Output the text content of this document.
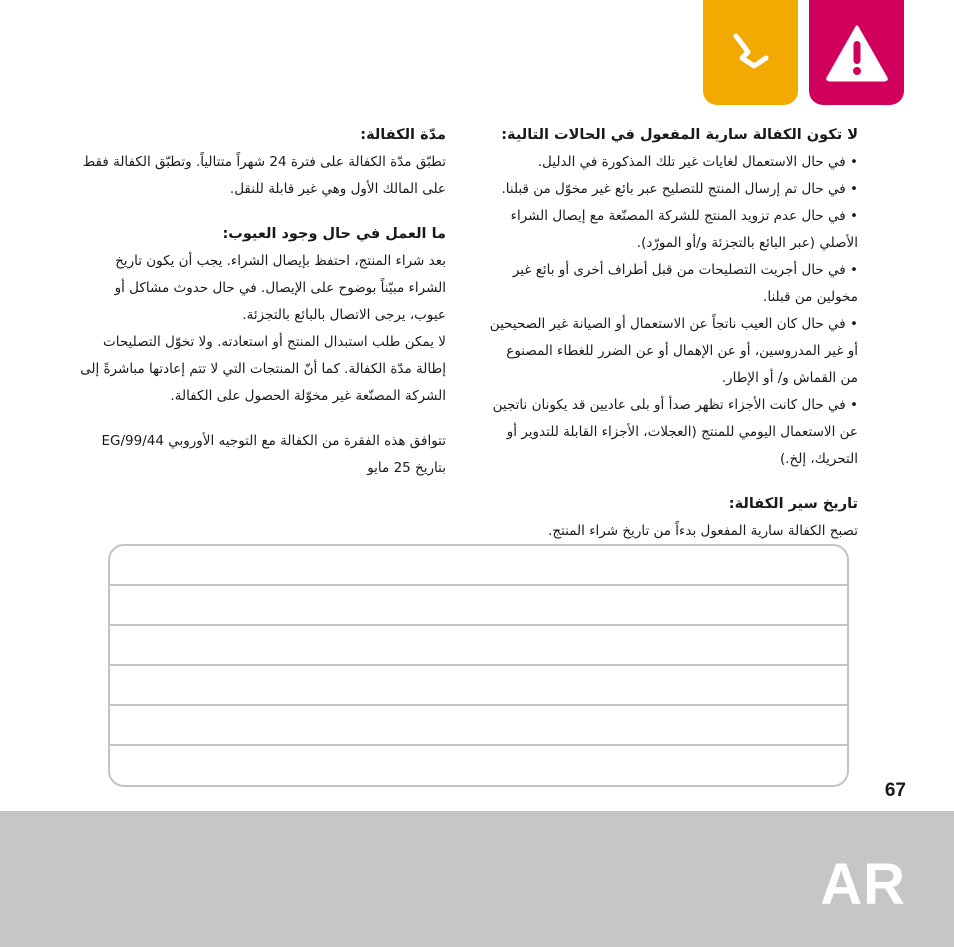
لا تكون الكفالة سارية المفعول في الحالات التالية:

• في حال الاستعمال لغايات غير تلك المذكورة في الدليل.
• في حال تم إرسال المنتج للتصليح عبر بائع غير مخوّل من قبلنا.
• في حال عدم تزويد المنتج للشركة المصنّعة مع إيصال الشراء الأصلي (عبر البائع بالتجزئة و/أو المورّد).
• في حال أجريت التصليحات من قبل أطراف أخرى أو بائع غير مخولين من قبلنا.
• في حال كان العيب ناتجاً عن الاستعمال أو الصيانة غير الصحيحين أو غير المدروسين، أو عن الإهمال أو عن الضرر للغطاء المصنوع من القماش و/ أو الإطار.
• في حال كانت الأجزاء تظهر صدأ أو بلى عاديين قد يكونان ناتجين عن الاستعمال اليومي للمنتج (العجلات، الأجزاء القابلة للتدوير أو التحريك، إلخ.)

تاريخ سير الكفالة:

تصبح الكفالة سارية المفعول بدءاً من تاريخ شراء المنتج.

مدّة الكفالة:

تطبّق مدّة الكفالة على فترة 24 شهراً متتالياً. وتطبّق الكفالة فقط على المالك الأول وهي غير قابلة للنقل.

ما العمل في حال وجود العيوب:

بعد شراء المنتج، احتفظ بإيصال الشراء. يجب أن يكون تاريخ الشراء مبيّناً بوضوح على الإيصال. في حال حدوث مشاكل أو عيوب، يرجى الاتصال بالبائع بالتجزئة.

لا يمكن طلب استبدال المنتج أو استعادته. ولا تخوّل التصليحات إطالة مدّة الكفالة. كما أنّ المنتجات التي لا تتم إعادتها مباشرةً إلى الشركة المصنّعة غير مخوّلة الحصول على الكفالة.

تتوافق هذه الفقرة من الكفالة مع التوجيه الأوروبي EG/99/44

بتاريخ 25 مايو

67
AR
